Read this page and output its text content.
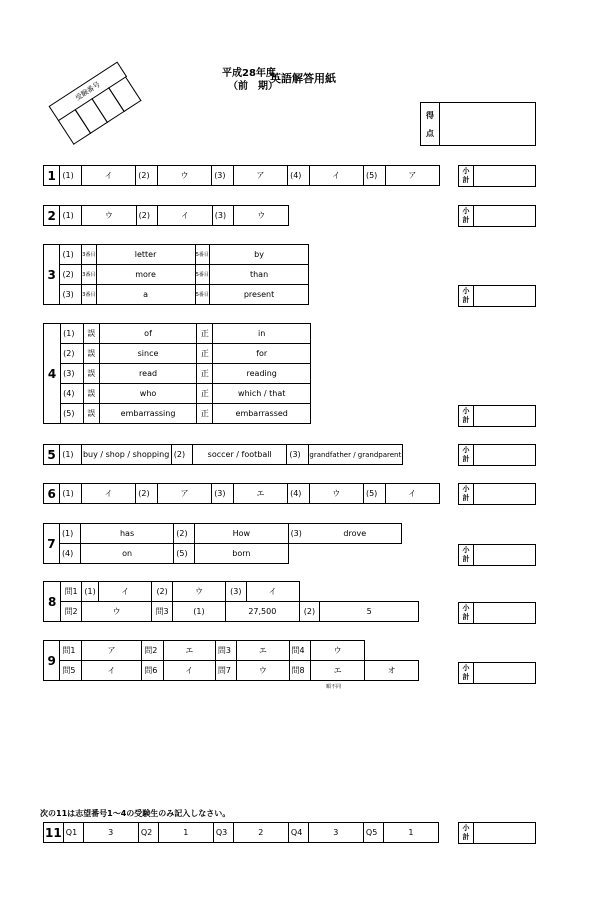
平成28年度
（前　期）
英語解答用紙
受験番号
得
点
1	(1)	イ	(2)	ウ	(3)	ア	(4)	イ	(5)	ア	小
計
2	(1)	ウ	(2)	イ	(3)	ウ	小
計
3	(1)	3番目	letter	5番目	by
	(2)	3番目	more	5番目	than
	(3)	3番目	a	5番目	present	小
計
4	(1)	誤	of	正	in
	(2)	誤	since	正	for
	(3)	誤	read	正	reading
	(4)	誤	who	正	which / that
	(5)	誤	embarrassing	正	embarrassed	小
計
5	(1)	buy / shop / shopping	(2)	soccer / football	(3)	grandfather / grandparent
小
計
6	(1)	イ	(2)	ア	(3)	エ	(4)	ウ	(5)	イ	小
計
7	(1)	has	(2)	How	(3)	drove
	(4)	on	(5)	born			小
計
8	問1	(1)	イ	(2)	ウ	(3)	イ		
	問2	ウ		問3	(1)	27,500		(2)	5	小
計
9	問1	ア	問2	エ	問3	エ	問4	ウ	
	問5	イ	問6	イ	問7	ウ	問8	エ	オ
順不同
小
計
次の11は志望番号1〜4の受験生のみ記入しなさい。
11	Q1	3	Q2	1	Q3	2	Q4	3	Q5	1	小
計
